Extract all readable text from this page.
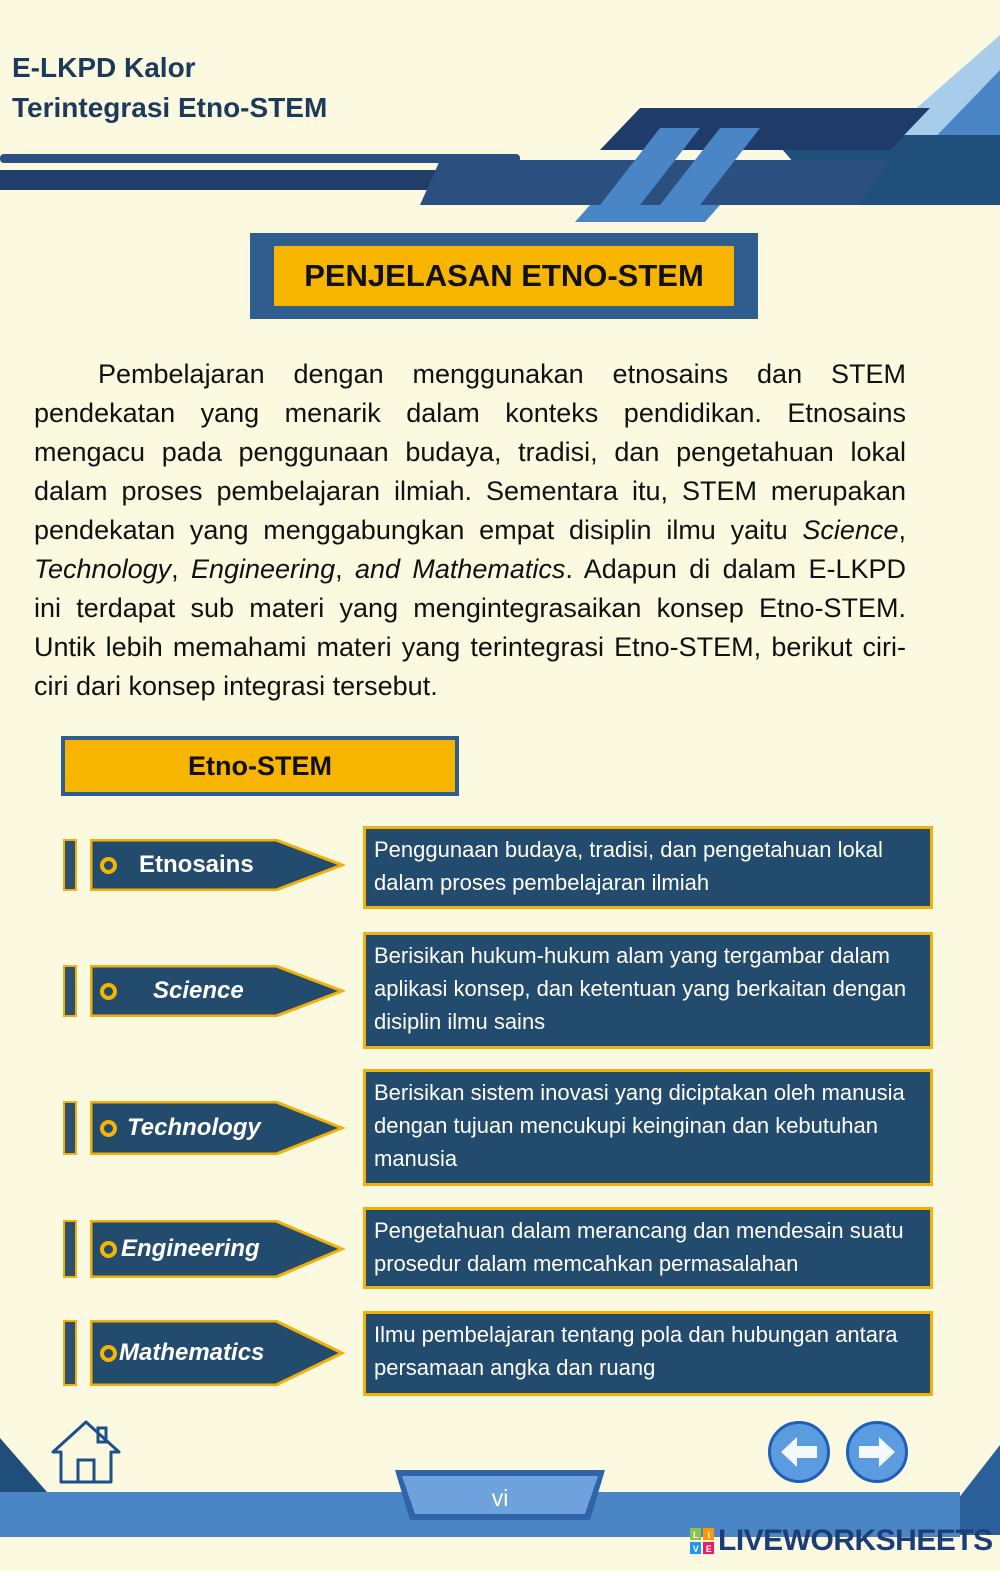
E-LKPD Kalor
Terintegrasi Etno-STEM
PENJELASAN ETNO-STEM

Pembelajaran dengan menggunakan etnosains dan STEM pendekatan yang menarik dalam konteks pendidikan. Etnosains mengacu pada penggunaan budaya, tradisi, dan pengetahuan lokal dalam proses pembelajaran ilmiah. Sementara itu, STEM merupakan pendekatan yang menggabungkan empat disiplin ilmu yaitu Science, Technology, Engineering, and Mathematics. Adapun di dalam E-LKPD ini terdapat sub materi yang mengintegrasaikan konsep Etno-STEM. Untik lebih memahami materi yang terintegrasi Etno-STEM, berikut ciri-ciri dari konsep integrasi tersebut.

Etno-STEM
Etnosains
Penggunaan budaya, tradisi, dan pengetahuan lokal dalam proses pembelajaran ilmiah
Science
Berisikan hukum-hukum alam yang tergambar dalam aplikasi konsep, dan ketentuan yang berkaitan dengan disiplin ilmu sains
Technology
Berisikan sistem inovasi yang diciptakan oleh manusia dengan tujuan mencukupi keinginan dan kebutuhan manusia
Engineering
Pengetahuan dalam merancang dan mendesain suatu prosedur dalam memcahkan permasalahan
Mathematics
Ilmu pembelajaran tentang pola dan hubungan antara persamaan angka dan ruang
vi
L I
V E LIVEWORKSHEETS
